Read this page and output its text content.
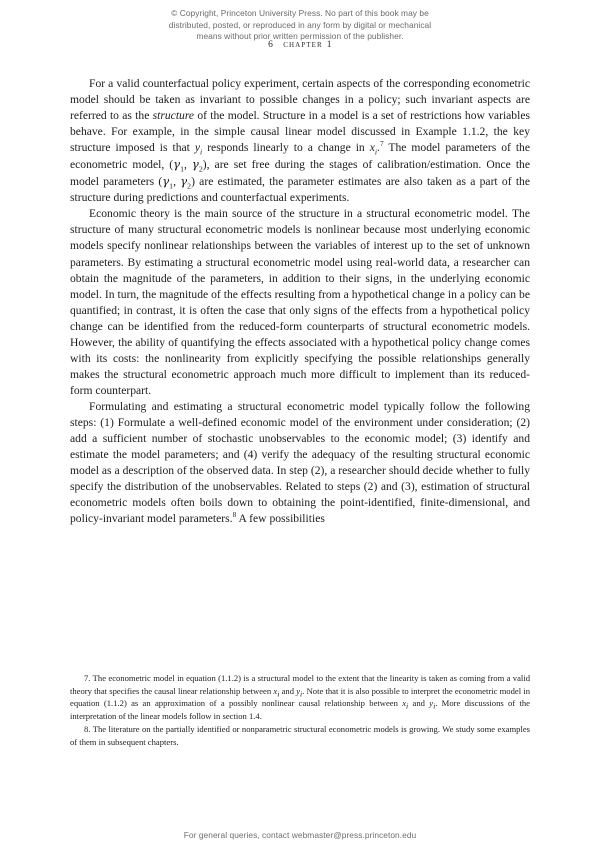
© Copyright, Princeton University Press. No part of this book may be
distributed, posted, or reproduced in any form by digital or mechanical
means without prior written permission of the publisher.
6 chapter 1

For a valid counterfactual policy experiment, certain aspects of the corresponding econometric model should be taken as invariant to possible changes in a policy; such invariant aspects are referred to as the structure of the model. Structure in a model is a set of restrictions how variables behave. For example, in the simple causal linear model discussed in Example 1.1.2, the key structure imposed is that $y_i$ responds linearly to a change in $x_i.^7$ The model parameters of the econometric model, ($\gamma_1$, $\gamma_2$), are set free during the stages of calibration/estimation. Once the model parameters ($\gamma_1$, $\gamma_2$) are estimated, the parameter estimates are also taken as a part of the structure during predictions and counterfactual experiments.

Economic theory is the main source of the structure in a structural econometric model. The structure of many structural econometric models is nonlinear because most underlying economic models specify nonlinear relationships between the variables of interest up to the set of unknown parameters. By estimating a structural econometric model using real-world data, a researcher can obtain the magnitude of the parameters, in addition to their signs, in the underlying economic model. In turn, the magnitude of the effects resulting from a hypothetical change in a policy can be quantified; in contrast, it is often the case that only signs of the effects from a hypothetical policy change can be identified from the reduced-form counterparts of structural econometric models. However, the ability of quantifying the effects associated with a hypothetical policy change comes with its costs: the nonlinearity from explicitly specifying the possible relationships generally makes the structural econometric approach much more difficult to implement than its reduced-form counterpart.

Formulating and estimating a structural econometric model typically follow the following steps: (1) Formulate a well-defined economic model of the environment under consideration; (2) add a sufficient number of stochastic unobservables to the economic model; (3) identify and estimate the model parameters; and (4) verify the adequacy of the resulting structural economic model as a description of the observed data. In step (2), a researcher should decide whether to fully specify the distribution of the unobservables. Related to steps (2) and (3), estimation of structural econometric models often boils down to obtaining the point-identified, finite-dimensional, and policy-invariant model parameters.$^8$ A few possibilities

7. The econometric model in equation (1.1.2) is a structural model to the extent that the linearity is taken as coming from a valid theory that specifies the causal linear relationship between xi and yi. Note that it is also possible to interpret the econometric model in equation (1.1.2) as an approximation of a possibly nonlinear causal relationship between xi and yi. More discussions of the interpretation of the linear models follow in section 1.4.

8. The literature on the partially identified or nonparametric structural econometric models is growing. We study some examples of them in subsequent chapters.

For general queries, contact webmaster@press.princeton.edu
